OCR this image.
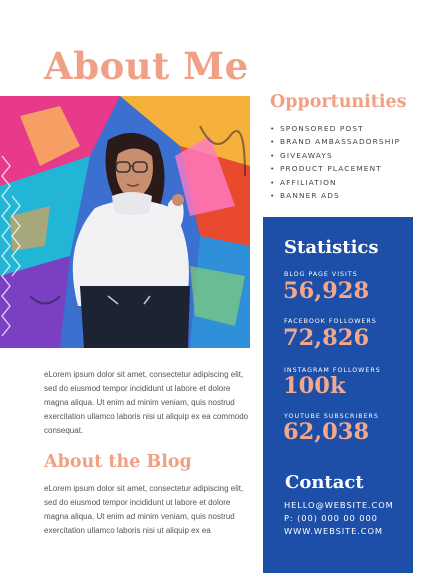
About Me
Opportunities
• SPONSORED POST
• BRAND AMBASSADORSHIP
• GIVEAWAYS
• PRODUCT PLACEMENT
• AFFILIATION
• BANNER ADS
Statistics
BLOG PAGE VISITS
56,928
FACEBOOK FOLLOWERS
72,826
INSTAGRAM FOLLOWERS
100k
YOUTUBE SUBSCRIBERS
62,038
Contact
HELLO@WEBSITE.COM
P: (00) 000 00 000
WWW.WEBSITE.COM
eLorem ipsum dolor sit amet, consectetur adipiscing elit, sed do eiusmod tempor incididunt ut labore et dolore magna aliqua. Ut enim ad minim veniam, quis nostrud exercitation ullamco laboris nisi ut aliquip ex ea commodo consequat.
About the Blog
eLorem ipsum dolor sit amet, consectetur adipiscing elit, sed do eiusmod tempor incididunt ut labore et dolore magna aliqua. Ut enim ad minim veniam, quis nostrud exercitation ullamco laboris nisi ut aliquip ex ea
